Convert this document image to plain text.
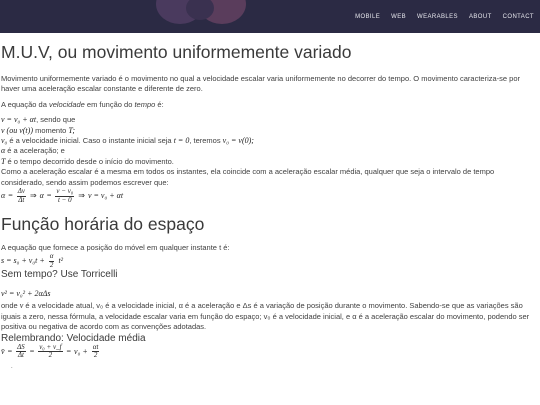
MOBILE WEB WEARABLES ABOUT CONTACT
M.U.V, ou movimento uniformemente variado

Movimento uniformemente variado é o movimento no qual a velocidade escalar varia uniformemente no decorrer do tempo. O movimento caracteriza-se por haver uma aceleração escalar constante e diferente de zero.

A equação da velocidade em função do tempo é:

v = v₀ + αt, sendo que
v (ou v(t)) momento T;
v₀ é a velocidade inicial. Caso o instante inicial seja t = 0, teremos v₀ = v(0);
α é a aceleração; e
T é o tempo decorrido desde o início do movimento.

Como a aceleração escalar é a mesma em todos os instantes, ela coincide com a aceleração escalar média, qualquer que seja o intervalo de tempo considerado, sendo assim podemos escrever que:

$\alpha = \frac{\Delta v}{\Delta t}$ ⇒ $\alpha = \frac{\text{v − v₀}}{t - 0}$ ⇒ v = v₀ + αt
Função horária do espaço

A equação que fornece a posição do móvel em qualquer instante t é:

$s = s_0 + v_0t + \frac{\alpha}{2} t^2$
Sem tempo? Use Torricelli
v² = v₀² + 2αΔs

onde v é a velocidade atual, v₀ é a velocidade inicial, α é a aceleração e Δs é a variação de posição durante o movimento. Sabendo-se que as variações são iguais a zero, nessa fórmula, a velocidade escalar varia em função do espaço; v₀ é a velocidade inicial, e α é a aceleração escalar do movimento, podendo ser positiva ou negativa de acordo com as convenções adotadas.

Relembrando: Velocidade média
v̄ = $\frac{\Delta S}{\Delta t} = \frac{\text{v₀ + v\_f}}{2} = v_0 + \frac{\alpha t}{2}$
.
